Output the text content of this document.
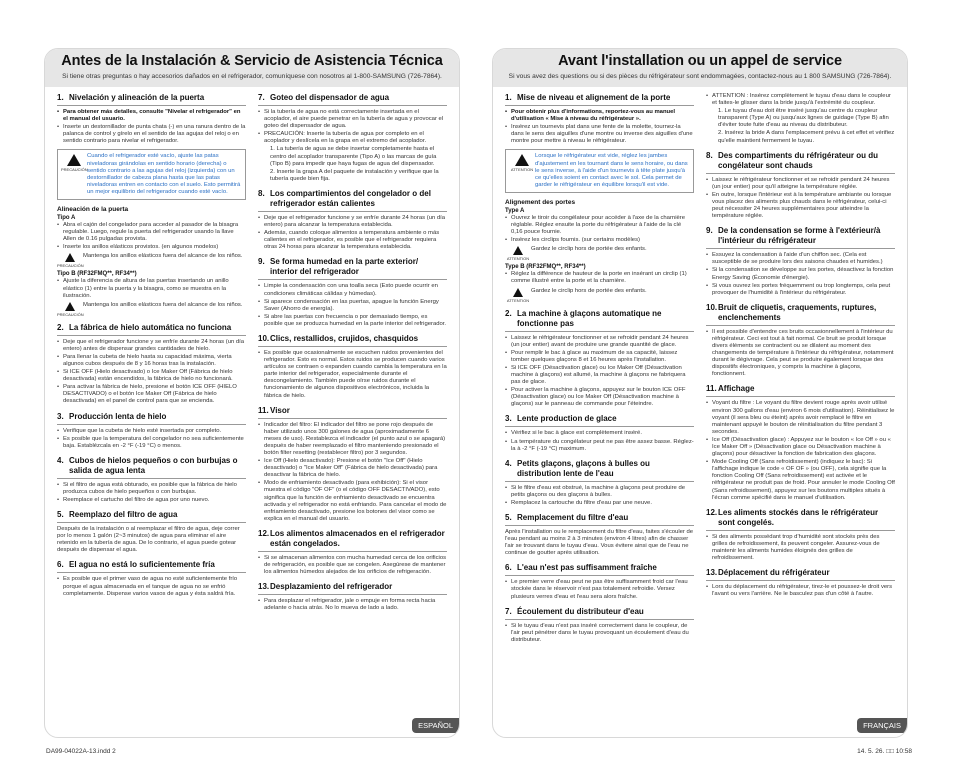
Antes de la Instalación & Servicio de Asistencia Técnica
Si tiene otras preguntas o hay accesorios dañados en el refrigerador, comuníquese con nosotros al 1-800-SAMSUNG (726-7864).
1. Nivelación y alineación de la puerta
• Para obtener más detalles, consulte "Nivelar el refrigerador" en el manual del usuario.
• Inserte un destornillador de punta chata (-) en una ranura dentro de la palanca de control y gírelo en el sentido de las agujas del reloj o en sentido contrario para nivelar el refrigerador.
PRECAUCIÓN
Cuando el refrigerador esté vacío, ajuste las patas niveladoras girándolas en sentido horario (derecha) o sentido contrario a las agujas del reloj (izquierda) con un destornillador de cabeza plana hasta que las patas niveladoras entren en contacto con el suelo. Esto permitirá un mejor equilibrio del refrigerador cuando esté vacío.
Alineación de la puerta
Tipo A
• Abra el cajón del congelador para acceder al pasador de la bisagra regulable. Luego, regule la puerta del refrigerador usando la llave Allen de 0.16 pulgadas provista.
• Inserte los anillos elásticos provistos. (en algunos modelos)
PRECAUCIÓN
Mantenga los anillos elásticos fuera del alcance de los niños.
Tipo B (RF32FMQ**, RF34**)
• Ajuste la diferencia de altura de las puertas insertando un anillo elástico (1) entre la puerta y la bisagra, como se muestra en la ilustración.
PRECAUCIÓN
Mantenga los anillos elásticos fuera del alcance de los niños.
2. La fábrica de hielo automática no funciona
• Deje que el refrigerador funcione y se enfríe durante 24 horas (un día entero) antes de dispensar grandes cantidades de hielo.
• Para llenar la cubeta de hielo hasta su capacidad máxima, vierta algunos cubos después de 8 y 16 horas tras la instalación.
• Si ICE OFF (Hielo desactivado) o Ice Maker Off (Fábrica de hielo desactivada) están encendidos, la fábrica de hielo no funcionará.
• Para activar la fábrica de hielo, presione el botón ICE OFF (HIELO DESACTIVADO) o el botón Ice Maker Off (Fábrica de hielo desactivada) en el panel de control para que se encienda.
3. Producción lenta de hielo
• Verifique que la cubeta de hielo esté insertada por completo.
• Es posible que la temperatura del congelador no sea suficientemente baja. Establézcala en -2 °F (-19 °C) o menos.
4. Cubos de hielos pequeños o con burbujas o salida de agua lenta
• Si el filtro de agua está obturado, es posible que la fábrica de hielo produzca cubos de hielo pequeños o con burbujas.
• Reemplace el cartucho del filtro de agua por uno nuevo.
5. Reemplazo del filtro de agua

Después de la instalación o al reemplazar el filtro de agua, deje correr por lo menos 1 galón (2~3 minutos) de agua para eliminar el aire retenido en la tubería de agua. De lo contrario, el agua puede gotear después de dispensar el agua.

6. El agua no está lo suficientemente fría
• Es posible que el primer vaso de agua no esté suficientemente frío porque el agua almacenada en el tanque de agua no se enfrió completamente. Dispense varios vasos de agua y ésta saldrá fría.
7. Goteo del dispensador de agua
• Si la tubería de agua no está correctamente insertada en el acoplador, el aire puede penetrar en la tubería de agua y provocar el goteo del dispensador de agua.
• PRECAUCIÓN: Inserte la tubería de agua por completo en el acoplador y deslícela en la grapa en el extremo del acoplador.
1. La tubería de agua se debe insertar completamente hasta el centro del acoplador transparente (Tipo A) o las marcas de guía (Tipo B) para impedir que haya fugas de agua del dispensador.
2. Inserte la grapa A del paquete de instalación y verifique que la tubería quede bien fija.
8. Los compartimientos del congelador o del refrigerador están calientes
• Deje que el refrigerador funcione y se enfríe durante 24 horas (un día entero) para alcanzar la temperatura establecida.
• Además, cuando coloque alimentos a temperatura ambiente o más calientes en el refrigerador, es posible que el refrigerador requiera otras 24 horas para alcanzar la temperatura establecida.
9. Se forma humedad en la parte exterior/ interior del refrigerador
• Limpie la condensación con una toalla seca (Esto puede ocurrir en condiciones climáticas cálidas y húmedas).
• Si aparece condensación en las puertas, apague la función Energy Saver (Ahorro de energía).
• Si abre las puertas con frecuencia o por demasiado tiempo, es posible que se produzca humedad en la parte interior del refrigerador.
10. Clics, restallidos, crujidos, chasquidos
• Es posible que ocasionalmente se escuchen ruidos provenientes del refrigerador. Esto es normal. Estos ruidos se producen cuando varios artículos se contraen o expanden cuando cambia la temperatura en la parte interior del refrigerador, especialmente durante el descongelamiento. También puede oírse ruidos durante el funcionamiento de algunos dispositivos electrónicos, incluida la fábrica de hielo.
11. Visor
• Indicador del filtro: El indicador del filtro se pone rojo después de haber utilizado unos 300 galones de agua (aproximadamente 6 meses de uso). Restablezca el indicador (el punto azul o se apagará) después de haber reemplazado el filtro manteniendo presionado el botón filter resetting (restablecer filtro) por 3 segundos.
• Ice Off (Hielo desactivado): Presione el botón "Ice Off" (Hielo desactivado) o "Ice Maker Off" (Fábrica de hielo desactivada) para desactivar la fábrica de hielo.
• Modo de enfriamiento desactivado (para exhibición): Si el visor muestra el código "OF OF" (o el código OFF DESACTIVADO), esto significa que la función de enfriamiento desactivado se encuentra activada y el refrigerador no está enfriando. Para cancelar el modo de enfriamiento desactivado, presione los botones del visor como se explica en el manual del usuario.
12. Los alimentos almacenados en el refrigerador están congelados.
• Si se almacenan alimentos con mucha humedad cerca de los orificios de refrigeración, es posible que se congelen. Asegúrese de mantener los alimentos húmedos alejados de los orificios de refrigeración.
13. Desplazamiento del refrigerador
• Para desplazar el refrigerador, jale o empuje en forma recta hacia adelante o hacia atrás. No lo mueva de lado a lado.
ESPAÑOL
Avant l'installation ou un appel de service
Si vous avez des questions ou si des pièces du réfrigérateur sont endommagées, contactez-nous au 1 800 SAMSUNG (726-7864).
1. Mise de niveau et alignement de la porte
• Pour obtenir plus d'informations, reportez-vous au manuel d'utilisation « Mise à niveau du réfrigérateur ».
• Insérez un tournevis plat dans une fente de la molette, tournez-la dans le sens des aiguilles d'une montre ou inverse des aiguilles d'une montre pour mettre à niveau le réfrigérateur.
ATTENTION
Lorsque le réfrigérateur est vide, réglez les jambes d'ajustement en les tournant dans le sens horaire, ou dans le sens inverse, à l'aide d'un tournevis à tête plate jusqu'à ce qu'elles soient en contact avec le sol. Cela permet de garder le réfrigérateur en équilibre lorsqu'il est vide.
Alignement des portes
Type A
• Ouvrez le tiroir du congélateur pour accéder à l'axe de la charnière réglable. Réglez ensuite la porte du réfrigérateur à l'aide de la clé 0,16 pouce fournie.
• Insérez les circlips fournis. (sur certains modèles)
ATTENTION
Gardez le circlip hors de portée des enfants.
Type B (RF32FMQ**, RF34**)
• Réglez la différence de hauteur de la porte en insérant un circlip (1) comme illustré entre la porte et la charnière.
ATTENTION
Gardez le circlip hors de portée des enfants.
2. La machine à glaçons automatique ne fonctionne pas
• Laissez le réfrigérateur fonctionner et se refroidir pendant 24 heures (un jour entier) avant de produire une grande quantité de glace.
• Pour remplir le bac à glace au maximum de sa capacité, laissez tomber quelques glaçons 8 et 16 heures après l'installation.
• Si ICE OFF (Désactivation glace) ou Ice Maker Off (Désactivation machine à glaçons) est allumé, la machine à glaçons ne fabriquera pas de glace.
• Pour activer la machine à glaçons, appuyez sur le bouton ICE OFF (Désactivation glace) ou Ice Maker Off (Désactivation machine à glaçons) sur le panneau de commande pour l'éteindre.
3. Lente production de glace
• Vérifiez si le bac à glace est complètement inséré.
• La température du congélateur peut ne pas être assez basse. Réglez-la à -2 °F (-19 °C) maximum.
4. Petits glaçons, glaçons à bulles ou distribution lente de l'eau
• Si le filtre d'eau est obstrué, la machine à glaçons peut produire de petits glaçons ou des glaçons à bulles.
• Remplacez la cartouche du filtre d'eau par une neuve.
5. Remplacement du filtre d'eau

Après l'installation ou le remplacement du filtre d'eau, faites s'écouler de l'eau pendant au moins 2 à 3 minutes (environ 4 litres) afin de chasser l'air se trouvant dans le tuyau d'eau. Vous évitere ainsi que de l'eau ne continue de goutter après utilisation.

6. L'eau n'est pas suffisamment fraîche
• Le premier verre d'eau peut ne pas être suffisamment froid car l'eau stockée dans le réservoir n'est pas totalement refroidie. Versez plusieurs verres d'eau et l'eau sera alors fraîche.
7. Écoulement du distributeur d'eau
• Si le tuyau d'eau n'est pas inséré correctement dans le coupleur, de l'air peut pénétrer dans le tuyau provoquant un écoulement d'eau du distributeur.
• ATTENTION : Insérez complètement le tuyau d'eau dans le coupleur et faites-le glisser dans la bride jusqu'à l'extrémité du coupleur.
1. Le tuyau d'eau doit être inséré jusqu'au centre du coupleur transparent (Type A) ou jusqu'aux lignes de guidage (Type B) afin d'éviter toute fuite d'eau au niveau du distributeur.
2. Insérez la bride A dans l'emplacement prévu à cet effet et vérifiez qu'elle maintient fermement le tuyau.
8. Des compartiments du réfrigérateur ou du congélateur sont chauds
• Laissez le réfrigérateur fonctionner et se refroidir pendant 24 heures (un jour entier) pour qu'il atteigne la température réglée.
• En outre, lorsque l'intérieur est à la température ambiante ou lorsque vous placez des aliments plus chauds dans le réfrigérateur, celui-ci peut nécessiter 24 heures supplémentaires pour atteindre la température réglée.
9. De la condensation se forme à l'extérieur/à l'intérieur du réfrigérateur
• Essuyez la condensation à l'aide d'un chiffon sec. (Cela est susceptible de se produire lors des saisons chaudes et humides.)
• Si la condensation se développe sur les portes, désactivez la fonction Energy Saving (Économie d'énergie).
• Si vous ouvrez les portes fréquemment ou trop longtemps, cela peut provoquer de l'humidité à l'intérieur du réfrigérateur.
10. Bruit de cliquetis, craquements, ruptures, enclenchements
• Il est possible d'entendre ces bruits occasionnellement à l'intérieur du réfrigérateur. Ceci est tout à fait normal. Ce bruit se produit lorsque divers éléments se contractent ou se dilatent au moment des changements de température à l'intérieur du réfrigérateur, notamment durant le dégivrage. Cela peut se produire également lorsque des dispositifs électroniques, y compris la machine à glaçons, fonctionnent.
11. Affichage
• Voyant du filtre : Le voyant du filtre devient rouge après avoir utilisé environ 300 gallons d'eau (environ 6 mois d'utilisation). Réinitialisez le voyant (il sera bleu ou éteint) après avoir remplacé le filtre en maintenant appuyé le bouton de réinitialisation du filtre pendant 3 secondes.
• Ice Off (Désactivation glace) : Appuyez sur le bouton « Ice Off » ou « Ice Maker Off » (Désactivation glace ou Désactivation machine à glaçons) pour désactiver la fonction de fabrication des glaçons.
• Mode Cooling Off (Sans refroidissement) (indiquez le bac): Si l'affichage indique le code « OF OF » (ou OFF), cela signifie que la fonction Cooling Off (Sans refroidissement) est activée et le réfrigérateur ne produit pas de froid. Pour annuler le mode Cooling Off (Sans refroidissement), appuyez sur les boutons multiples situés à l'écran comme spécifié dans le manuel d'utilisation.
12. Les aliments stockés dans le réfrigérateur sont congelés.
• Si des aliments possédant trop d'humidité sont stockés près des grilles de refroidissement, ils peuvent congeler. Assurez-vous de maintenir les aliments humides éloignés des grilles de refroidissement.
13. Déplacement du réfrigérateur
• Lors du déplacement du réfrigérateur, tirez-le et poussez-le droit vers l'avant ou vers l'arrière. Ne le basculez pas d'un côté à l'autre.
FRANÇAIS
DA99-04022A-13.indd 2	14. 5. 26. □□ 10:58
